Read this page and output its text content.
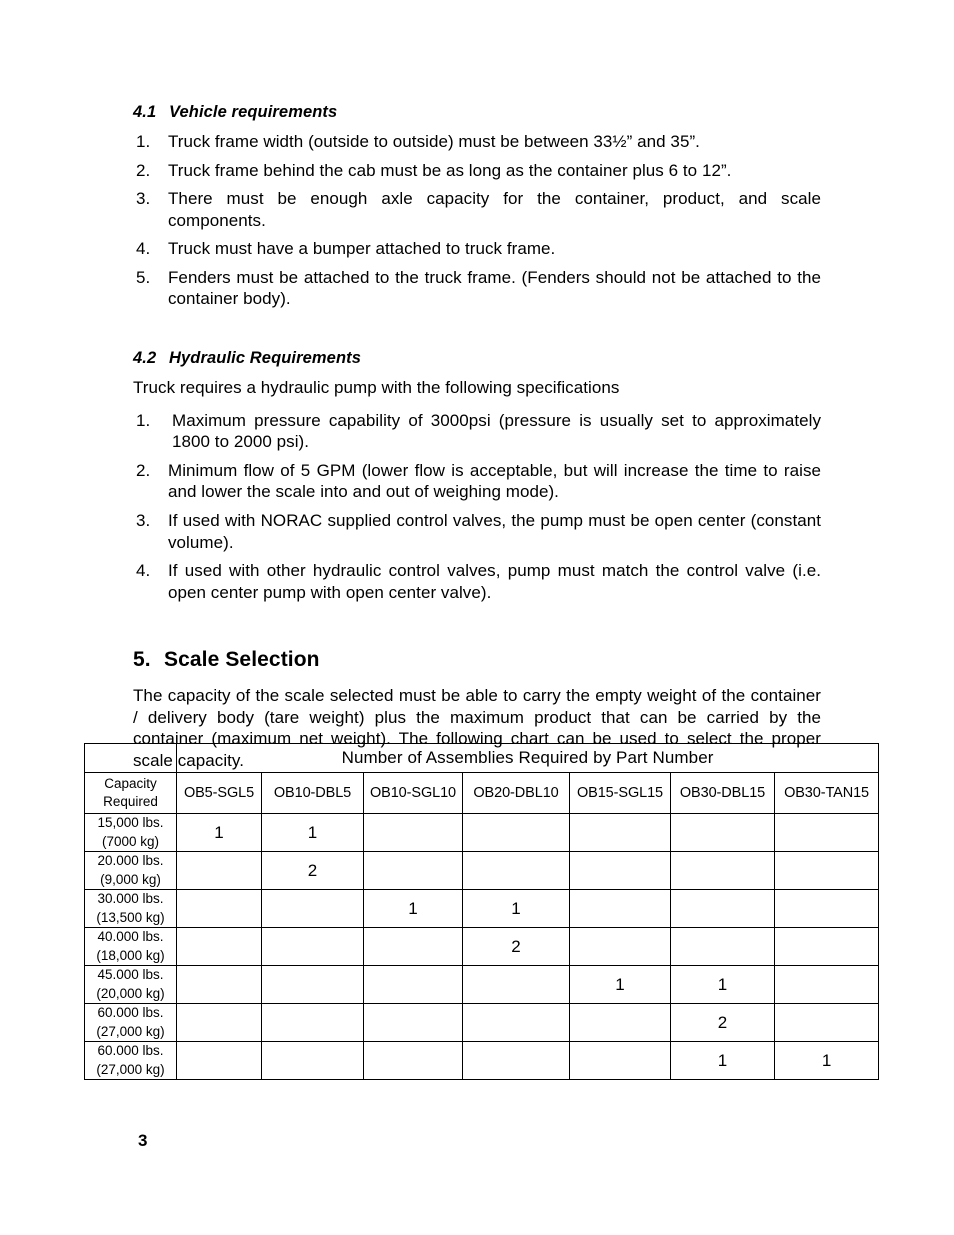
4.1 Vehicle requirements
1.	Truck frame width (outside to outside) must be between 33½” and 35”.
2.	Truck frame behind the cab must be as long as the container plus 6 to 12”.
3.	There must be enough axle capacity for the container, product, and scale components.
4.	Truck must have a bumper attached to truck frame.
5.	Fenders must be attached to the truck frame. (Fenders should not be attached to the container body).
4.2 Hydraulic Requirements

Truck requires a hydraulic pump with the following specifications

1.	Maximum pressure capability of 3000psi (pressure is usually set to approximately 1800 to 2000 psi).
2.	Minimum flow of 5 GPM (lower flow is acceptable, but will increase the time to raise and lower the scale into and out of weighing mode).
3.	If used with NORAC supplied control valves, the pump must be open center (constant volume).
4.	If used with other hydraulic control valves, pump must match the control valve (i.e. open center pump with open center valve).
5. Scale Selection

The capacity of the scale selected must be able to carry the empty weight of the container / delivery body (tare weight) plus the maximum product that can be carried by the container (maximum net weight). The following chart can be used to select the proper scale capacity.

		Number of Assemblies Required by Part Number						

Capacity
Required	OB5-SGL5	OB10-DBL5	OB10-SGL10	OB20-DBL10	OB15-SGL15	OB30-DBL15	OB30-TAN15

15,000 lbs.
(7000 kg)	1	1					

20.000 lbs.
(9,000 kg)		2					

30.000 lbs.
(13,500 kg)			1	1			

40.000 lbs.
(18,000 kg)				2			

45.000 lbs.
(20,000 kg)					1	1	

60.000 lbs.
(27,000 kg)						2	

60.000 lbs.
(27,000 kg)						1	1
3
